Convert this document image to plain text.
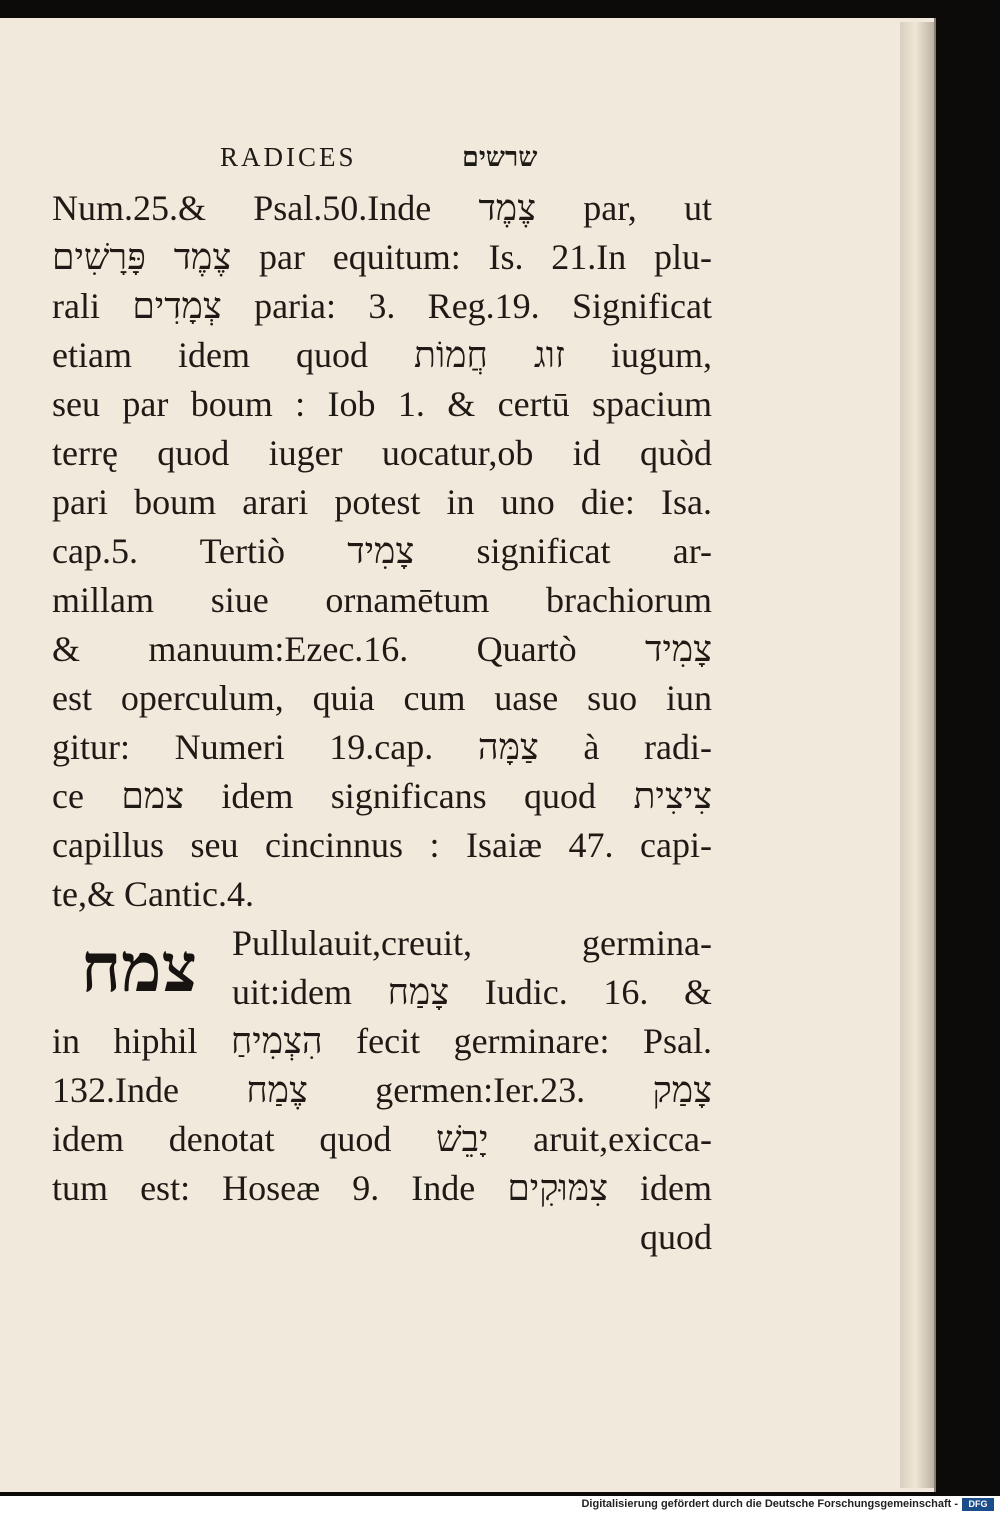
RADICES	שרשים
Num.25.& Psal.50.Inde צֶמֶד par, ut
צֶמֶד פָּרָשִׁים par equitum: Is. 21.In plu-
rali צְמָדִים paria: 3. Reg.19. Significat
etiam idem quod זוג חֲמוֹת iugum,
seu par boum : Iob 1. & certū spacium
terrę quod iuger uocatur,ob id quòd
pari boum arari potest in uno die: Isa.
cap.5. Tertiò צָמִיד significat ar-
millam siue ornamētum brachiorum
& manuum:Ezec.16. Quartò צָמִיד
est operculum, quia cum uase suo iun
gitur: Numeri 19.cap. צַמָּה à radi-
ce צמם idem significans quod צִיצִית
capillus seu cincinnus : Isaiæ 47. capi-
te,& Cantic.4.
Pullulauit,creuit, germina-
uit:idem צָמַח Iudic. 16. &
in hiphil הִצְמִיחַ fecit germinare: Psal.
132.Inde צֶמַח germen:Ier.23. צָמַק
idem denotat quod יָבֵשׁ aruit,exicca-
tum est: Hoseæ 9. Inde צִמּוּקִים idem
quod
צמח
Digitalisierung gefördert durch die Deutsche Forschungsgemeinschaft -	DFG
